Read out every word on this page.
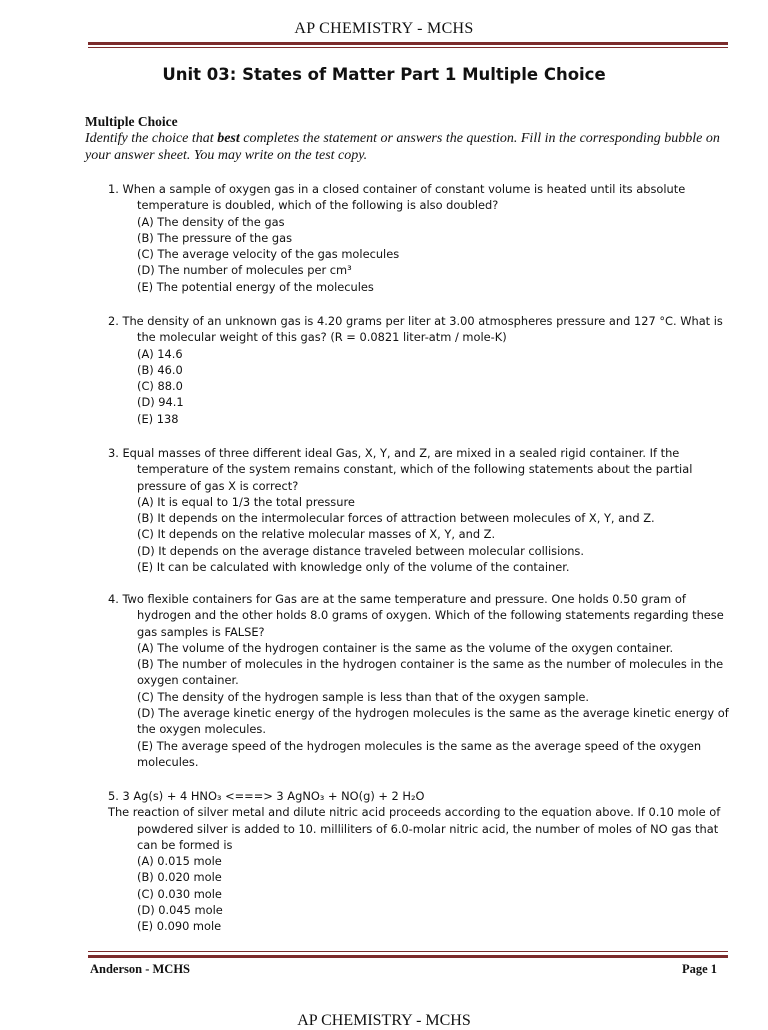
AP CHEMISTRY - MCHS
Unit 03: States of Matter Part 1 Multiple Choice
Multiple Choice
Identify the choice that best completes the statement or answers the question. Fill in the corresponding bubble on your answer sheet. You may write on the test copy.
1. When a sample of oxygen gas in a closed container of constant volume is heated until its absolute temperature is doubled, which of the following is also doubled?
(A) The density of the gas
(B) The pressure of the gas
(C) The average velocity of the gas molecules
(D) The number of molecules per cm³
(E) The potential energy of the molecules
2. The density of an unknown gas is 4.20 grams per liter at 3.00 atmospheres pressure and 127 °C. What is the molecular weight of this gas? (R = 0.0821 liter-atm / mole-K)
(A) 14.6
(B) 46.0
(C) 88.0
(D) 94.1
(E) 138
3. Equal masses of three different ideal Gas, X, Y, and Z, are mixed in a sealed rigid container. If the temperature of the system remains constant, which of the following statements about the partial pressure of gas X is correct?
(A) It is equal to 1/3 the total pressure
(B) It depends on the intermolecular forces of attraction between molecules of X, Y, and Z.
(C) It depends on the relative molecular masses of X, Y, and Z.
(D) It depends on the average distance traveled between molecular collisions.
(E) It can be calculated with knowledge only of the volume of the container.
4. Two flexible containers for Gas are at the same temperature and pressure. One holds 0.50 gram of hydrogen and the other holds 8.0 grams of oxygen. Which of the following statements regarding these gas samples is FALSE?
(A) The volume of the hydrogen container is the same as the volume of the oxygen container.
(B) The number of molecules in the hydrogen container is the same as the number of molecules in the oxygen container.
(C) The density of the hydrogen sample is less than that of the oxygen sample.
(D) The average kinetic energy of the hydrogen molecules is the same as the average kinetic energy of the oxygen molecules.
(E) The average speed of the hydrogen molecules is the same as the average speed of the oxygen molecules.
5. 3 Ag(s) + 4 HNO₃ <===> 3 AgNO₃ + NO(g) + 2 H₂O
The reaction of silver metal and dilute nitric acid proceeds according to the equation above. If 0.10 mole of powdered silver is added to 10. milliliters of 6.0-molar nitric acid, the number of moles of NO gas that can be formed is
(A) 0.015 mole
(B) 0.020 mole
(C) 0.030 mole
(D) 0.045 mole
(E) 0.090 mole
Anderson - MCHS	Page 1
AP CHEMISTRY - MCHS
